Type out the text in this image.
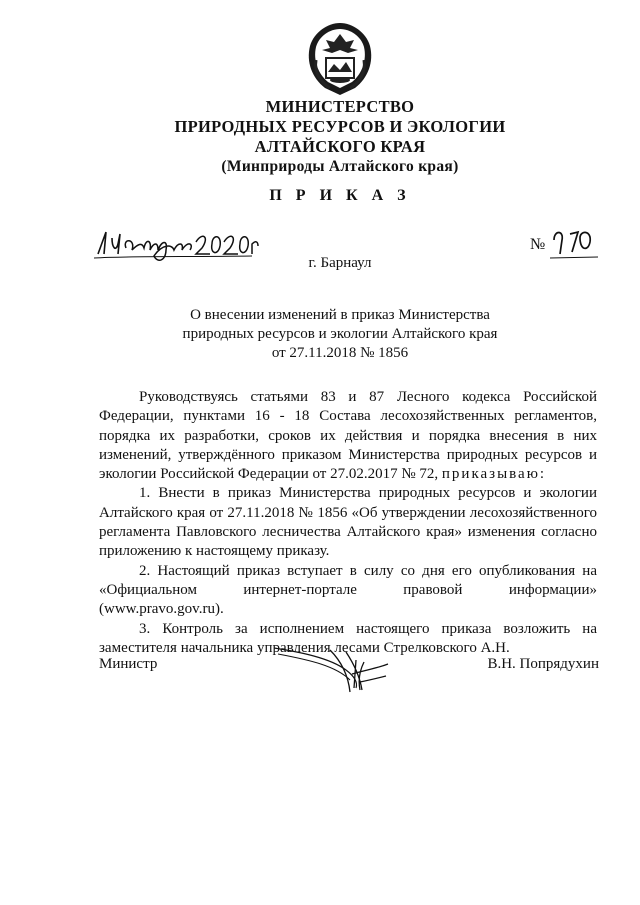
МИНИСТЕРСТВО
ПРИРОДНЫХ РЕСУРСОВ И ЭКОЛОГИИ
АЛТАЙСКОГО КРАЯ
(Минприроды Алтайского края)
П Р И К А З
№
г. Барнаул
О внесении изменений в приказ Министерства
природных ресурсов и экологии Алтайского края
от 27.11.2018 № 1856

Руководствуясь статьями 83 и 87 Лесного кодекса Российской Федерации, пунктами 16 - 18 Состава лесохозяйственных регламентов, порядка их разработки, сроков их действия и порядка внесения в них изменений, утверждённого приказом Министерства природных ресурсов и экологии Российской Федерации от 27.02.2017 № 72, приказываю:

1. Внести в приказ Министерства природных ресурсов и экологии Алтайского края от 27.11.2018 № 1856 «Об утверждении лесохозяйственного регламента Павловского лесничества Алтайского края» изменения согласно приложению к настоящему приказу.

2. Настоящий приказ вступает в силу со дня его опубликования на «Официальном интернет-портале правовой информации» (www.pravo.gov.ru).

3. Контроль за исполнением настоящего приказа возложить на заместителя начальника управления лесами Стрелковского А.Н.

Министр	В.Н. Попрядухин
